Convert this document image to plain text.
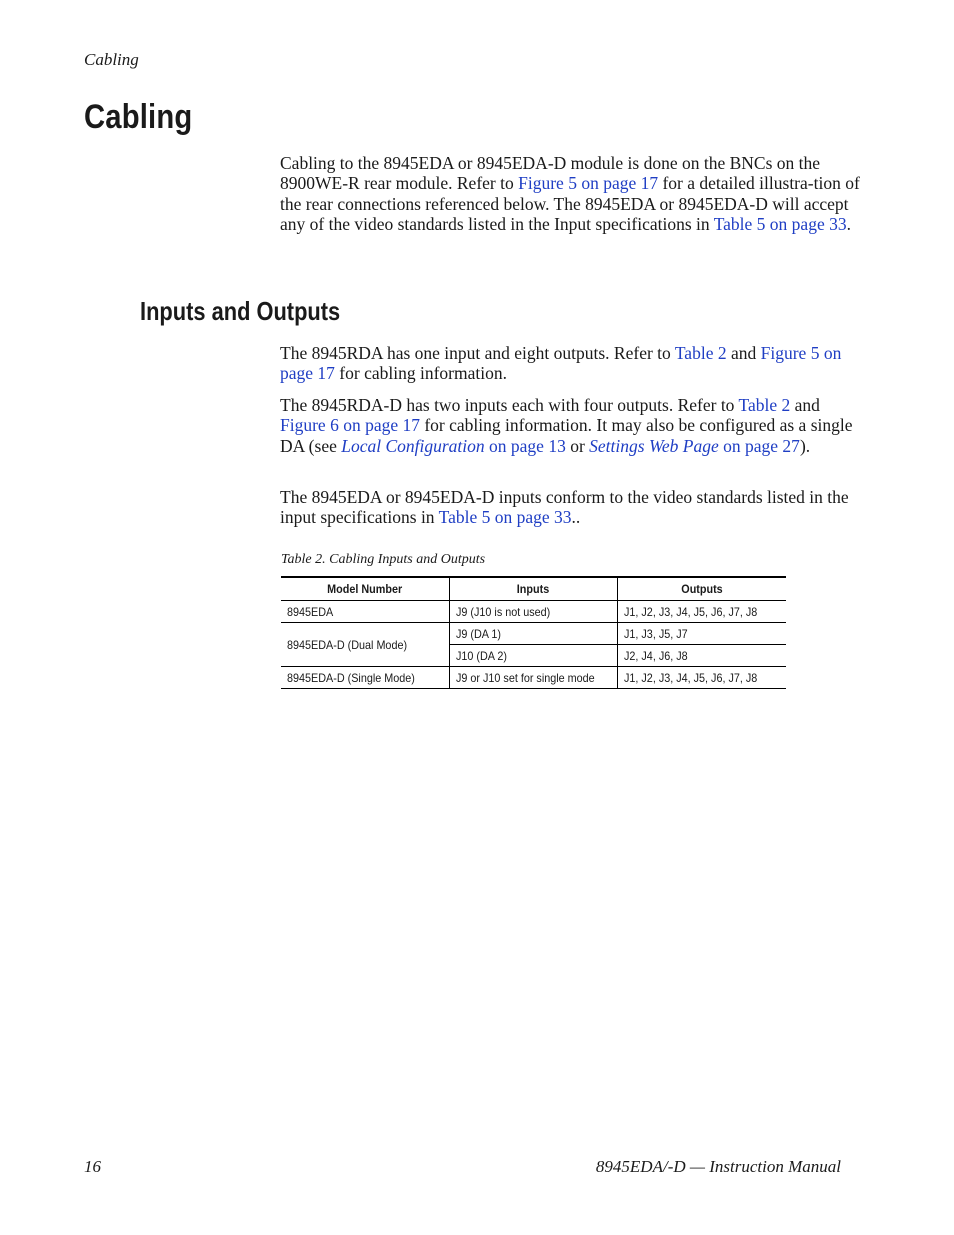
Cabling
Cabling

Cabling to the 8945EDA or 8945EDA-D module is done on the BNCs on the 8900WE-R rear module. Refer to Figure 5 on page 17 for a detailed illustra-tion of the rear connections referenced below. The 8945EDA or 8945EDA-D will accept any of the video standards listed in the Input specifications in Table 5 on page 33.

Inputs and Outputs

The 8945RDA has one input and eight outputs. Refer to Table 2 and Figure 5 on page 17 for cabling information.

The 8945RDA-D has two inputs each with four outputs. Refer to Table 2 and Figure 6 on page 17 for cabling information. It may also be configured as a single DA (see Local Configuration on page 13 or Settings Web Page on page 27).

The 8945EDA or 8945EDA-D inputs conform to the video standards listed in the input specifications in Table 5 on page 33..

Table 2. Cabling Inputs and Outputs
Model Number	Inputs	Outputs
8945EDA	J9 (J10 is not used)	J1, J2, J3, J4, J5, J6, J7, J8
8945EDA-D (Dual Mode)	J9 (DA 1)	J1, J3, J5, J7
	J10 (DA 2)	J2, J4, J6, J8
8945EDA-D (Single Mode)	J9 or J10 set for single mode	J1, J2, J3, J4, J5, J6, J7, J8
16	8945EDA/-D — Instruction Manual
